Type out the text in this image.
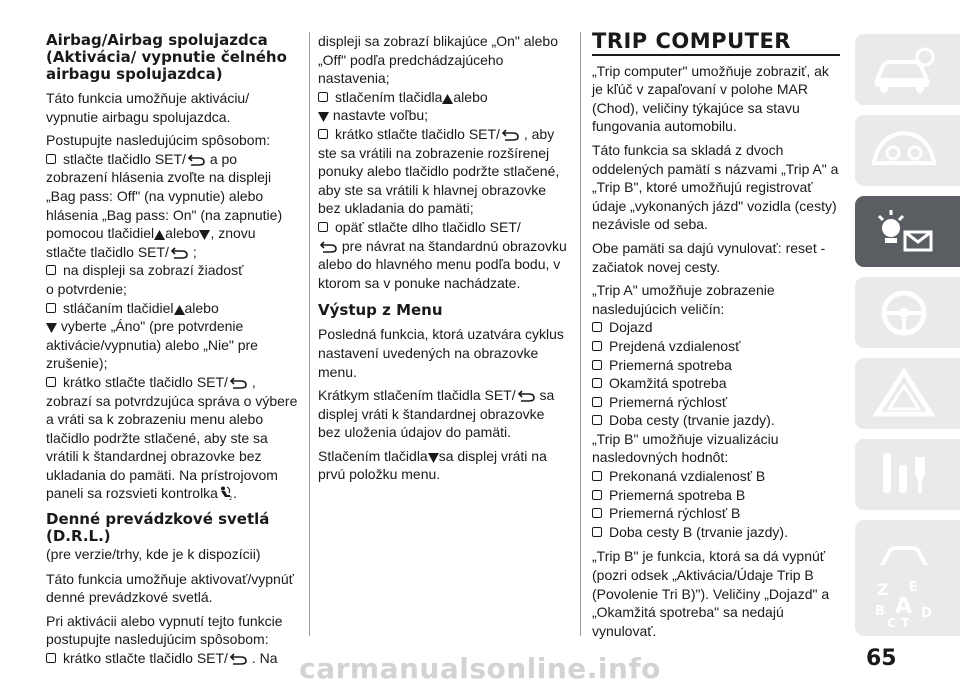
Airbag/Airbag spolujazdca (Aktivácia/ vypnutie čelného airbagu spolujazdca)

Táto funkcia umožňuje aktiváciu/ vypnutie airbagu spolujazdca.

Postupujte nasledujúcim spôsobom:

stlačte tlačidlo SET/ a po

zobrazení hlásenia zvoľte na displeji „Bag pass: Off" (na vypnutie) alebo hlásenia „Bag pass: On" (na zapnutie) pomocou tlačidiel alebo , znovu stlačte tlačidlo SET/ ;

na displeji sa zobrazí žiadosť

o potvrdenie;

stláčaním tlačidiel alebo

vyberte „Áno" (pre potvrdenie aktivácie/vypnutia) alebo „Nie" pre zrušenie);

krátko stlačte tlačidlo SET/ ,

zobrazí sa potvrdzujúca správa o výbere a vráti sa k zobrazeniu menu alebo tlačidlo podržte stlačené, aby ste sa vrátili k štandardnej obrazovke bez ukladania do pamäti. Na prístrojovom paneli sa rozsvieti kontrolka .

Denné prevádzkové svetlá (D.R.L.)

(pre verzie/trhy, kde je k dispozícii)

Táto funkcia umožňuje aktivovať/vypnúť denné prevádzkové svetlá.

Pri aktivácii alebo vypnutí tejto funkcie postupujte nasledujúcim spôsobom:

krátko stlačte tlačidlo SET/ . Na

displeji sa zobrazí blikajúce „On" alebo „Off" podľa predchádzajúceho nastavenia;

stlačením tlačidla alebo

nastavte voľbu;

krátko stlačte tlačidlo SET/ , aby

ste sa vrátili na zobrazenie rozšírenej ponuky alebo tlačidlo podržte stlačené, aby ste sa vrátili k hlavnej obrazovke bez ukladania do pamäti;

opäť stlačte dlho tlačidlo SET/

pre návrat na štandardnú obrazovku alebo do hlavného menu podľa bodu, v ktorom sa v ponuke nachádzate.

Výstup z Menu

Posledná funkcia, ktorá uzatvára cyklus nastavení uvedených na obrazovke menu.

Krátkym stlačením tlačidla SET/ sa displej vráti k štandardnej obrazovke bez uloženia údajov do pamäti.

Stlačením tlačidla sa displej vráti na prvú položku menu.

TRIP COMPUTER

„Trip computer" umožňuje zobraziť, ak je kľúč v zapaľovaní v polohe MAR (Chod), veličiny týkajúce sa stavu fungovania automobilu.

Táto funkcia sa skladá z dvoch oddelených pamätí s názvami „Trip A" a „Trip B", ktoré umožňujú registrovať údaje „vykonaných jázd" vozidla (cesty) nezávisle od seba.

Obe pamäti sa dajú vynulovať: reset - začiatok novej cesty.

„Trip A" umožňuje zobrazenie nasledujúcich veličín:

Dojazd
Prejdená vzdialenosť
Priemerná spotreba
Okamžitá spotreba
Priemerná rýchlosť
Doba cesty (trvanie jazdy).

„Trip B" umožňuje vizualizáciu nasledovných hodnôt:

Prekonaná vzdialenosť B
Priemerná spotreba B
Priemerná rýchlosť B
Doba cesty B (trvanie jazdy).

„Trip B" je funkcia, ktorá sa dá vypnúť (pozri odsek „Aktivácia/Údaje Trip B (Povolenie Tri B)"). Veličiny „Dojazd" a „Okamžitá spotreba" sa nedajú vynulovať.

Z E
B A D
C T
65
carmanualsonline.info
